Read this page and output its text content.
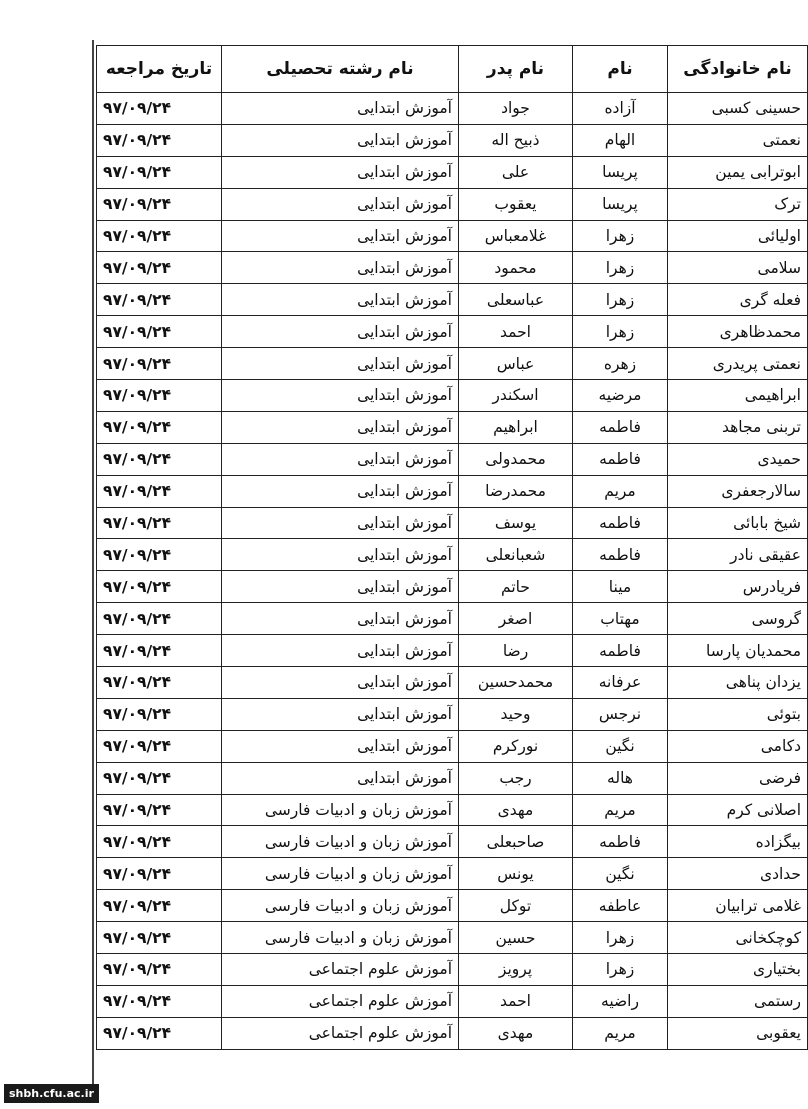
تاریخ مراجعه	نام رشته تحصیلی	نام پدر	نام	نام خانوادگی
۹۷/۰۹/۲۴	آموزش ابتدایی	جواد	آزاده	حسینی کسبی
۹۷/۰۹/۲۴	آموزش ابتدایی	ذبیح اله	الهام	نعمتی
۹۷/۰۹/۲۴	آموزش ابتدایی	علی	پریسا	ابوترابی یمین
۹۷/۰۹/۲۴	آموزش ابتدایی	یعقوب	پریسا	ترک
۹۷/۰۹/۲۴	آموزش ابتدایی	غلامعباس	زهرا	اولیائی
۹۷/۰۹/۲۴	آموزش ابتدایی	محمود	زهرا	سلامی
۹۷/۰۹/۲۴	آموزش ابتدایی	عباسعلی	زهرا	فعله گری
۹۷/۰۹/۲۴	آموزش ابتدایی	احمد	زهرا	محمدظاهری
۹۷/۰۹/۲۴	آموزش ابتدایی	عباس	زهره	نعمتی پریدری
۹۷/۰۹/۲۴	آموزش ابتدایی	اسکندر	مرضیه	ابراهیمی
۹۷/۰۹/۲۴	آموزش ابتدایی	ابراهیم	فاطمه	تربنی مجاهد
۹۷/۰۹/۲۴	آموزش ابتدایی	محمدولی	فاطمه	حمیدی
۹۷/۰۹/۲۴	آموزش ابتدایی	محمدرضا	مریم	سالارجعفری
۹۷/۰۹/۲۴	آموزش ابتدایی	یوسف	فاطمه	شیخ بابائی
۹۷/۰۹/۲۴	آموزش ابتدایی	شعبانعلی	فاطمه	عقیقی نادر
۹۷/۰۹/۲۴	آموزش ابتدایی	حاتم	مینا	فریادرس
۹۷/۰۹/۲۴	آموزش ابتدایی	اصغر	مهتاب	گروسی
۹۷/۰۹/۲۴	آموزش ابتدایی	رضا	فاطمه	محمدیان پارسا
۹۷/۰۹/۲۴	آموزش ابتدایی	محمدحسین	عرفانه	یزدان پناهی
۹۷/۰۹/۲۴	آموزش ابتدایی	وحید	نرجس	بتوئی
۹۷/۰۹/۲۴	آموزش ابتدایی	نورکرم	نگین	دکامی
۹۷/۰۹/۲۴	آموزش ابتدایی	رجب	هاله	فرضی
۹۷/۰۹/۲۴	آموزش زبان و ادبیات فارسی	مهدی	مریم	اصلانی کرم
۹۷/۰۹/۲۴	آموزش زبان و ادبیات فارسی	صاحبعلی	فاطمه	بیگزاده
۹۷/۰۹/۲۴	آموزش زبان و ادبیات فارسی	یونس	نگین	حدادی
۹۷/۰۹/۲۴	آموزش زبان و ادبیات فارسی	توکل	عاطفه	غلامی ترابیان
۹۷/۰۹/۲۴	آموزش زبان و ادبیات فارسی	حسین	زهرا	کوچکخانی
۹۷/۰۹/۲۴	آموزش علوم اجتماعی	پرویز	زهرا	بختیاری
۹۷/۰۹/۲۴	آموزش علوم اجتماعی	احمد	راضیه	رستمی
۹۷/۰۹/۲۴	آموزش علوم اجتماعی	مهدی	مریم	یعقوبی
shbh.cfu.ac.ir
